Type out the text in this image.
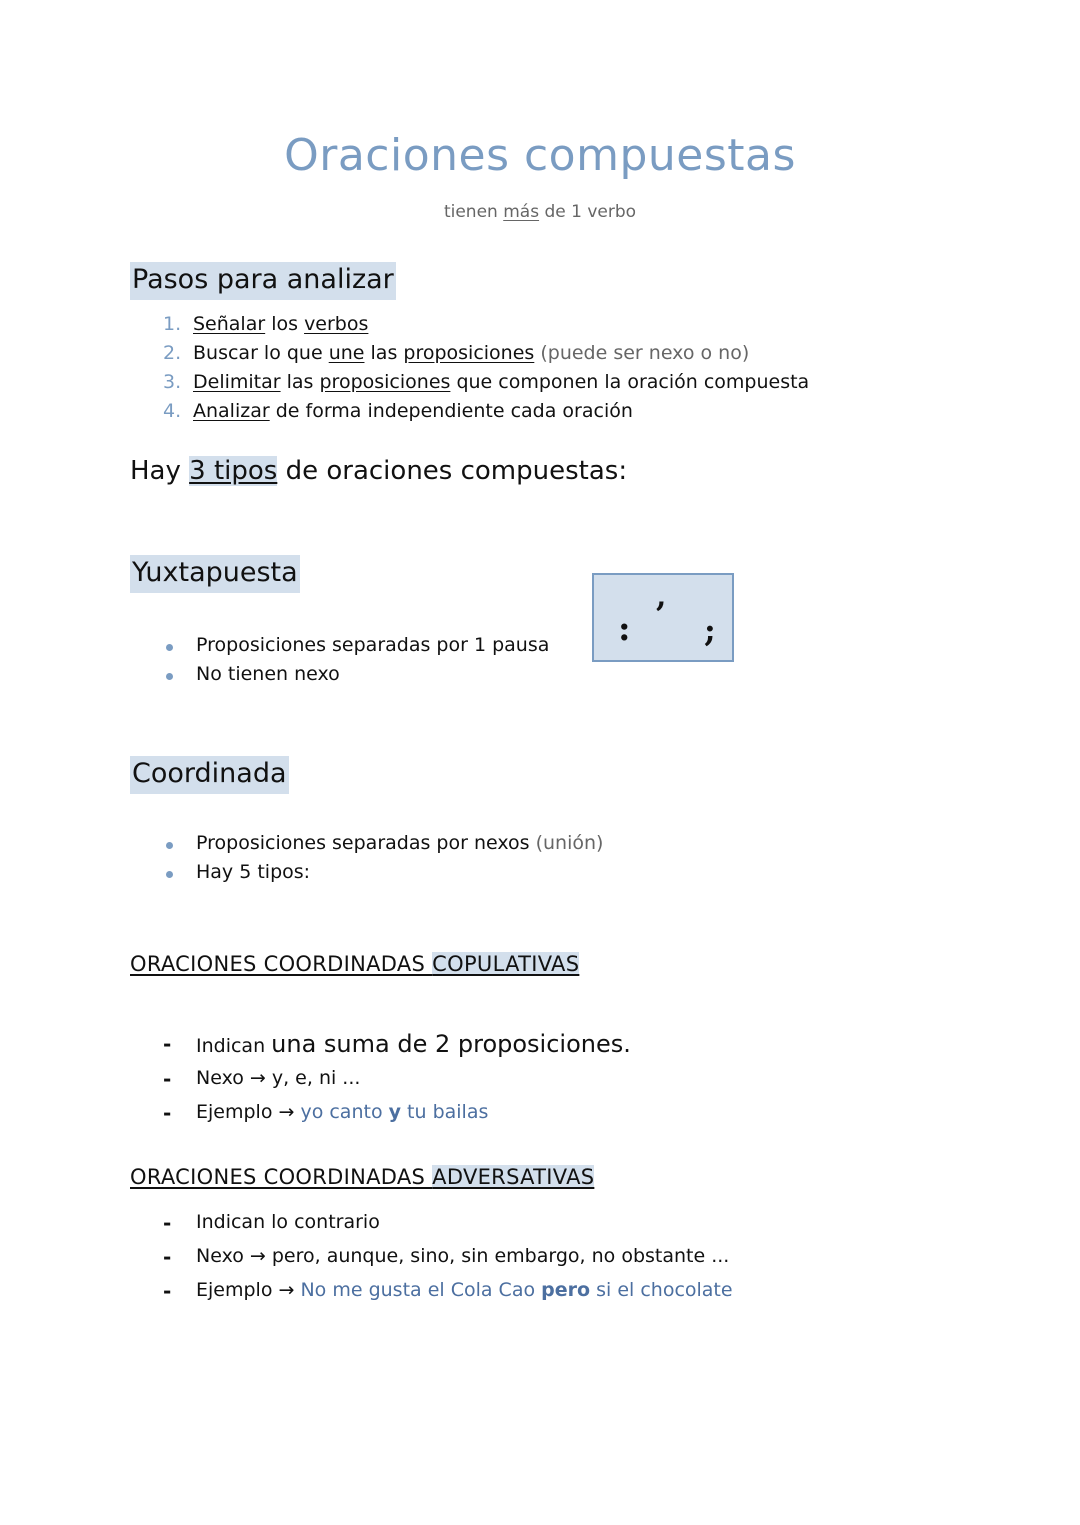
Oraciones compuestas
tienen más de 1 verbo
Pasos para analizar
1. Señalar los verbos
2. Buscar lo que une las proposiciones (puede ser nexo o no)
3. Delimitar las proposiciones que componen la oración compuesta
4. Analizar de forma independiente cada oración
Hay 3 tipos de oraciones compuestas:
Yuxtapuesta
Proposiciones separadas por 1 pausa
No tienen nexo
,
: ;
Coordinada
Proposiciones separadas por nexos (unión)
Hay 5 tipos:
ORACIONES COORDINADAS COPULATIVAS
- Indican una suma de 2 proposiciones.
- Nexo → y, e, ni ...
- Ejemplo → yo canto y tu bailas
ORACIONES COORDINADAS ADVERSATIVAS
- Indican lo contrario
- Nexo → pero, aunque, sino, sin embargo, no obstante ...
- Ejemplo → No me gusta el Cola Cao pero si el chocolate
